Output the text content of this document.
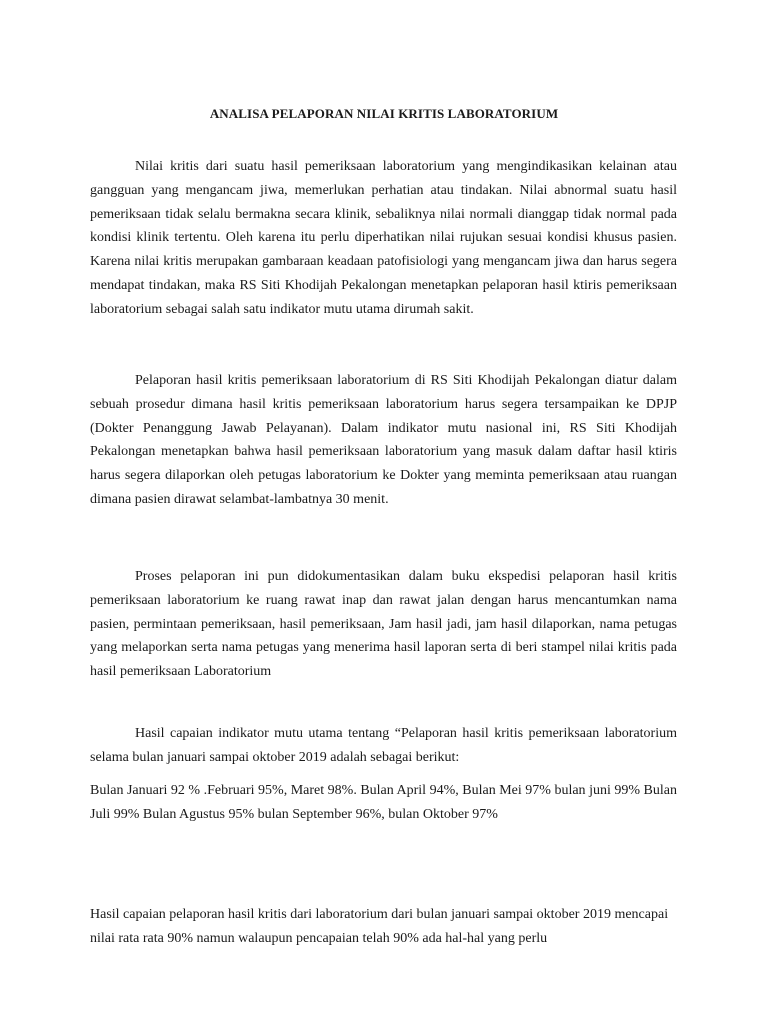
ANALISA PELAPORAN NILAI KRITIS LABORATORIUM

Nilai kritis dari suatu hasil pemeriksaan laboratorium yang mengindikasikan kelainan atau gangguan yang mengancam jiwa, memerlukan perhatian atau tindakan. Nilai abnormal suatu hasil pemeriksaan tidak selalu bermakna secara klinik, sebaliknya nilai normali dianggap tidak normal pada kondisi klinik tertentu. Oleh karena itu perlu diperhatikan nilai rujukan sesuai kondisi khusus pasien. Karena nilai kritis merupakan gambaraan keadaan patofisiologi yang mengancam jiwa dan harus segera mendapat tindakan, maka RS Siti Khodijah Pekalongan menetapkan pelaporan hasil ktiris pemeriksaan laboratorium sebagai salah satu indikator mutu utama dirumah sakit.

Pelaporan hasil kritis pemeriksaan laboratorium di RS Siti Khodijah Pekalongan diatur dalam sebuah prosedur dimana hasil kritis pemeriksaan laboratorium harus segera tersampaikan ke DPJP (Dokter Penanggung Jawab Pelayanan). Dalam indikator mutu nasional ini, RS Siti Khodijah Pekalongan menetapkan bahwa hasil pemeriksaan laboratorium yang masuk dalam daftar hasil ktiris harus segera dilaporkan oleh petugas laboratorium ke Dokter yang meminta pemeriksaan atau ruangan dimana pasien dirawat selambat-lambatnya 30 menit.

Proses pelaporan ini pun didokumentasikan dalam buku ekspedisi pelaporan hasil kritis pemeriksaan laboratorium ke ruang rawat inap dan rawat jalan dengan harus mencantumkan nama pasien, permintaan pemeriksaan, hasil pemeriksaan, Jam hasil jadi, jam hasil dilaporkan, nama petugas yang melaporkan serta nama petugas yang menerima hasil laporan serta di beri stampel nilai kritis pada hasil pemeriksaan Laboratorium

Hasil capaian indikator mutu utama tentang “Pelaporan hasil kritis pemeriksaan laboratorium selama bulan januari sampai oktober 2019 adalah sebagai berikut:

Bulan Januari 92 % .Februari 95%, Maret 98%. Bulan April 94%, Bulan Mei 97% bulan juni 99% Bulan Juli 99% Bulan Agustus 95% bulan September 96%, bulan Oktober 97%

Hasil capaian pelaporan hasil kritis dari laboratorium dari bulan januari sampai oktober 2019 mencapai nilai rata rata 90% namun walaupun pencapaian telah 90% ada hal-hal yang perlu
